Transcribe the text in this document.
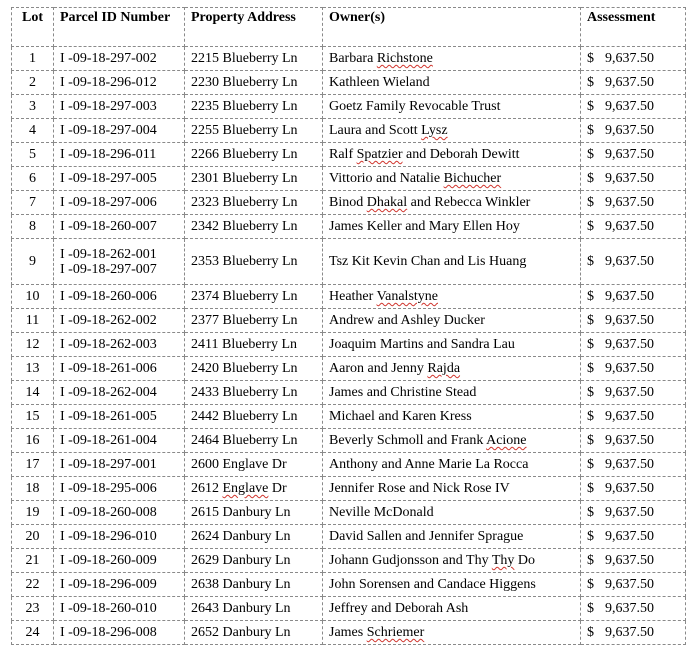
Lot	Parcel ID Number	Property Address	Owner(s)	Assessment
1	I -09-18-297-002	2215 Blueberry Ln	Barbara Richstone	$ 9,637.50

2	I -09-18-296-012	2230 Blueberry Ln	Kathleen Wieland	$ 9,637.50

3	I -09-18-297-003	2235 Blueberry Ln	Goetz Family Revocable Trust	$ 9,637.50

4	I -09-18-297-004	2255 Blueberry Ln	Laura and Scott Lysz	$ 9,637.50

5	I -09-18-296-011	2266 Blueberry Ln	Ralf Spatzier and Deborah Dewitt	$ 9,637.50

6	I -09-18-297-005	2301 Blueberry Ln	Vittorio and Natalie Bichucher	$ 9,637.50

7	I -09-18-297-006	2323 Blueberry Ln	Binod Dhakal and Rebecca Winkler	$ 9,637.50

8	I -09-18-260-007	2342 Blueberry Ln	James Keller and Mary Ellen Hoy	$ 9,637.50

9	I -09-18-262-001
I -09-18-297-007	2353 Blueberry Ln	Tsz Kit Kevin Chan and Lis Huang	$ 9,637.50

10	I -09-18-260-006	2374 Blueberry Ln	Heather Vanalstyne	$ 9,637.50

11	I -09-18-262-002	2377 Blueberry Ln	Andrew and Ashley Ducker	$ 9,637.50

12	I -09-18-262-003	2411 Blueberry Ln	Joaquim Martins and Sandra Lau	$ 9,637.50

13	I -09-18-261-006	2420 Blueberry Ln	Aaron and Jenny Rajda	$ 9,637.50

14	I -09-18-262-004	2433 Blueberry Ln	James and Christine Stead	$ 9,637.50

15	I -09-18-261-005	2442 Blueberry Ln	Michael and Karen Kress	$ 9,637.50

16	I -09-18-261-004	2464 Blueberry Ln	Beverly Schmoll and Frank Acione	$ 9,637.50

17	I -09-18-297-001	2600 Englave Dr	Anthony and Anne Marie La Rocca	$ 9,637.50

18	I -09-18-295-006	2612 Englave Dr	Jennifer Rose and Nick Rose IV	$ 9,637.50

19	I -09-18-260-008	2615 Danbury Ln	Neville McDonald	$ 9,637.50

20	I -09-18-296-010	2624 Danbury Ln	David Sallen and Jennifer Sprague	$ 9,637.50

21	I -09-18-260-009	2629 Danbury Ln	Johann Gudjonsson and Thy Thy Do	$ 9,637.50

22	I -09-18-296-009	2638 Danbury Ln	John Sorensen and Candace Higgens	$ 9,637.50

23	I -09-18-260-010	2643 Danbury Ln	Jeffrey and Deborah Ash	$ 9,637.50

24	I -09-18-296-008	2652 Danbury Ln	James Schriemer	$ 9,637.50
